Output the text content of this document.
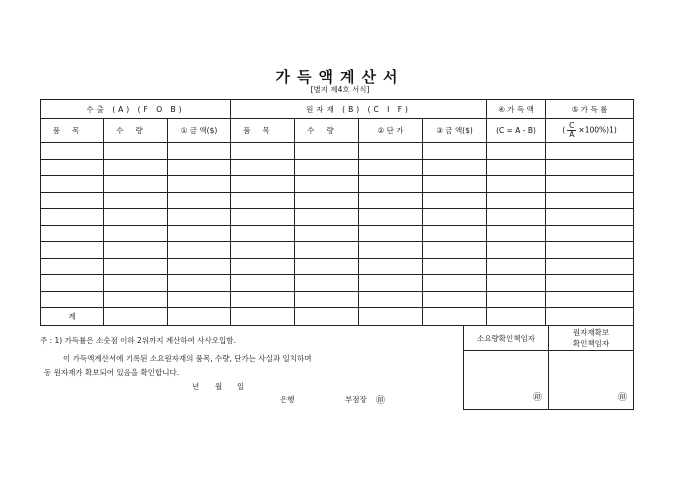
가득액계산서
[별지 제4호 서식]
수출 (A) (F O B)			원자재 (B) (C I F)				④ 가 득 액	⑤ 가 득 률
품목	수량	① 금 액($)	품목	수량	② 단 가	③ 금 액($)	(C = A - B)	( $\frac{C}{A} \times 100\%)1$)

계								
주 : 1) 가득률은 소숫점 이하 2위까지 계산하여 사사오입함.
이 가득액계산서에 기록된 소요원자재의 품목, 수량, 단가는 사실과 일치하며
동 원자재가 확보되어 있음을 확인합니다.
년 월 일
은행	부점장 ㊞
소요량확인책임자	원자재확보
확인책임자

㊞	㊞
